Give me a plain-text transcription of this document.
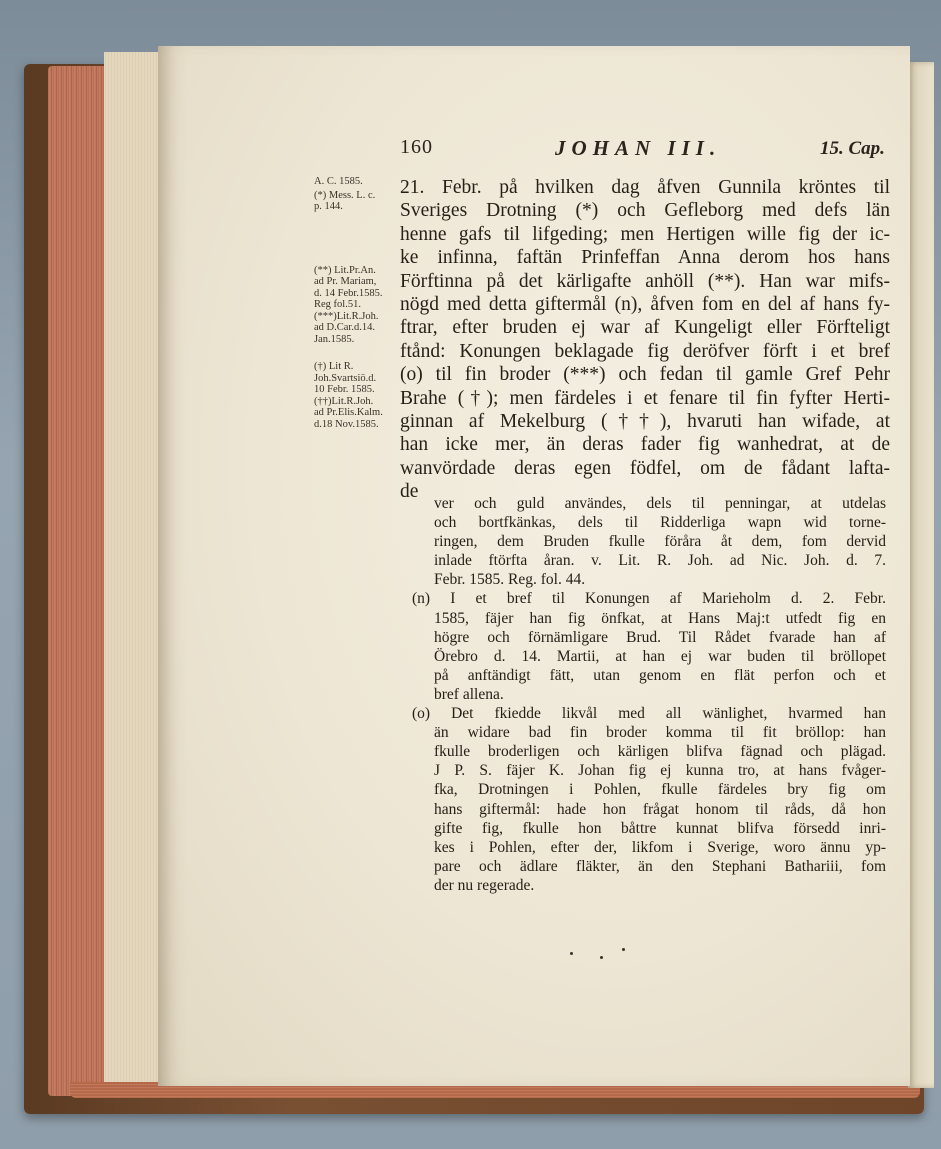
160	JOHAN III.	15. Cap.
A. C. 1585.
(*) Mess. L. c.
p. 144.
(**) Lit.Pr.An.
ad Pr. Mariam,
d. 14 Febr.1585.
Reg fol.51.
(***)Lit.R.Joh.
ad D.Car.d.14.
Jan.1585.
(†) Lit R.
Joh.Svartsiö.d.
10 Febr. 1585.
(††)Lit.R.Joh.
ad Pr.Elis.Kalm.
d.18 Nov.1585.
21. Febr. på hvilken dag åfven Gunnila kröntes til
Sveriges Drotning (*) och Gefleborg med defs län
henne gafs til lifgeding; men Hertigen wille fig der ic-
ke infinna, faftän Prinfeffan Anna derom hos hans
Förftinna på det kärligafte anhöll (**). Han war mifs-
nögd med detta giftermål (n), åfven fom en del af hans fy-
ftrar, efter bruden ej war af Kungeligt eller Förfteligt
ftånd: Konungen beklagade fig deröfver förft i et bref
(o) til fin broder (***) och fedan til gamle Gref Pehr
Brahe (†); men färdeles i et fenare til fin fyfter Herti-
ginnan af Mekelburg (††), hvaruti han wifade, at
han icke mer, än deras fader fig wanhedrat, at de
wanvördade deras egen födfel, om de fådant lafta-
de
ver och guld användes, dels til penningar, at utdelas
och bortfkänkas, dels til Ridderliga wapn wid torne-
ringen, dem Bruden fkulle föråra åt dem, fom dervid
inlade ftörfta åran. v. Lit. R. Joh. ad Nic. Joh. d. 7.
Febr. 1585. Reg. fol. 44.
(n) I et bref til Konungen af Marieholm d. 2. Febr.
1585, fäjer han fig önfkat, at Hans Maj:t utfedt fig en
högre och förnämligare Brud. Til Rådet fvarade han af
Örebro d. 14. Martii, at han ej war buden til bröllopet
på anftändigt fätt, utan genom en flät perfon och et
bref allena.
(o) Det fkiedde likvål med all wänlighet, hvarmed han
än widare bad fin broder komma til fit bröllop: han
fkulle broderligen och kärligen blifva fägnad och plägad.
J P. S. fäjer K. Johan fig ej kunna tro, at hans fvåger-
fka, Drotningen i Pohlen, fkulle färdeles bry fig om
hans giftermål: hade hon frågat honom til råds, då hon
gifte fig, fkulle hon båttre kunnat blifva försedd inri-
kes i Pohlen, efter der, likfom i Sverige, woro ännu yp-
pare och ädlare fläkter, än den Stephani Bathariii, fom
der nu regerade.
